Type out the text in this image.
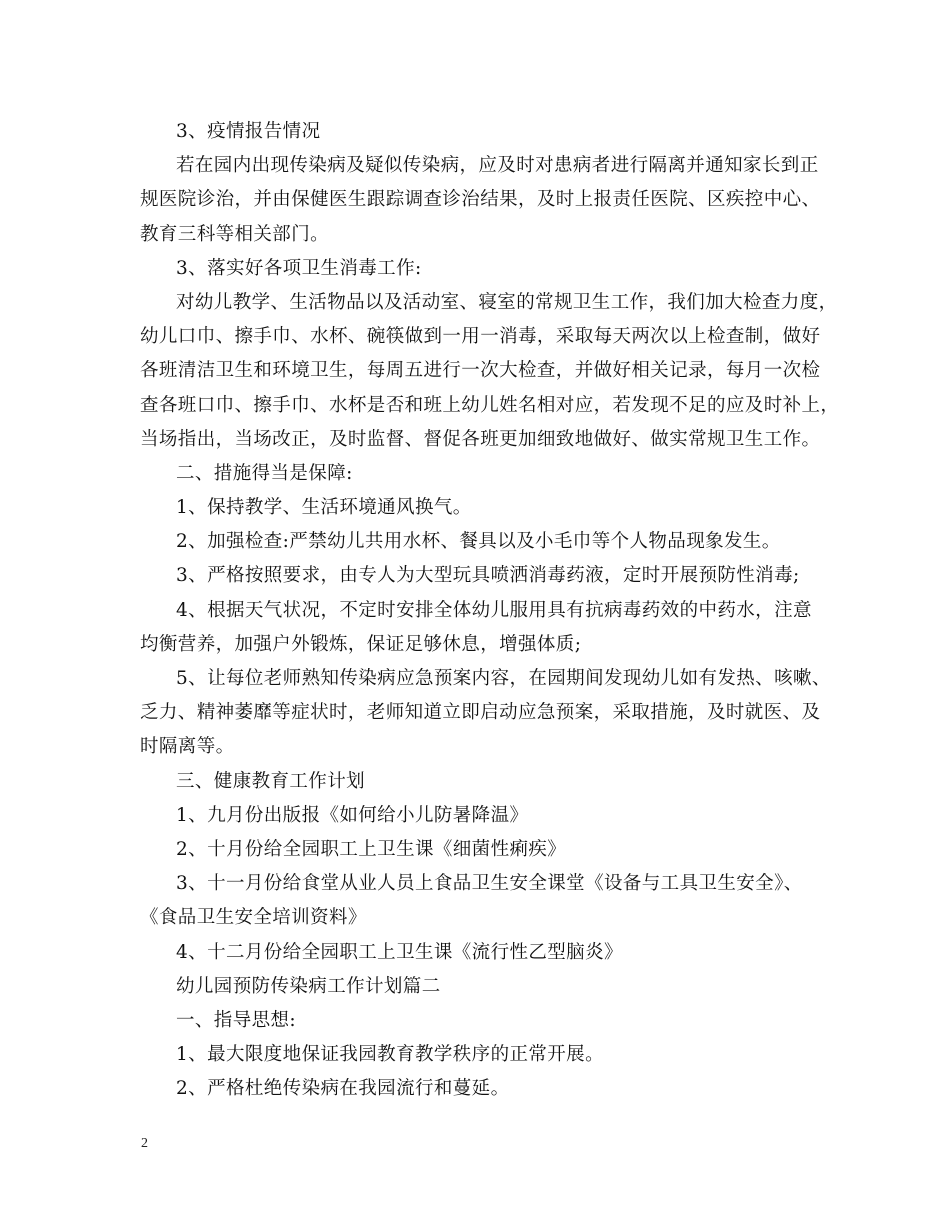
3、疫情报告情况
若在园内出现传染病及疑似传染病，应及时对患病者进行隔离并通知家长到正
规医院诊治，并由保健医生跟踪调查诊治结果，及时上报责任医院、区疾控中心、
教育三科等相关部门。
3、落实好各项卫生消毒工作:
对幼儿教学、生活物品以及活动室、寝室的常规卫生工作，我们加大检查力度，
幼儿口巾、擦手巾、水杯、碗筷做到一用一消毒，采取每天两次以上检查制，做好
各班清洁卫生和环境卫生，每周五进行一次大检查，并做好相关记录，每月一次检
查各班口巾、擦手巾、水杯是否和班上幼儿姓名相对应，若发现不足的应及时补上，
当场指出，当场改正，及时监督、督促各班更加细致地做好、做实常规卫生工作。
二、措施得当是保障:
1、保持教学、生活环境通风换气。
2、加强检查:严禁幼儿共用水杯、餐具以及小毛巾等个人物品现象发生。
3、严格按照要求，由专人为大型玩具喷洒消毒药液，定时开展预防性消毒;
4、根据天气状况，不定时安排全体幼儿服用具有抗病毒药效的中药水，注意
均衡营养，加强户外锻炼，保证足够休息，增强体质;
5、让每位老师熟知传染病应急预案内容，在园期间发现幼儿如有发热、咳嗽、
乏力、精神萎靡等症状时，老师知道立即启动应急预案，采取措施，及时就医、及
时隔离等。
三、健康教育工作计划
1、九月份出版报《如何给小儿防暑降温》
2、十月份给全园职工上卫生课《细菌性痢疾》
3、十一月份给食堂从业人员上食品卫生安全课堂《设备与工具卫生安全》、
《食品卫生安全培训资料》
4、十二月份给全园职工上卫生课《流行性乙型脑炎》
幼儿园预防传染病工作计划篇二
一、指导思想:
1、最大限度地保证我园教育教学秩序的正常开展。
2、严格杜绝传染病在我园流行和蔓延。
2
